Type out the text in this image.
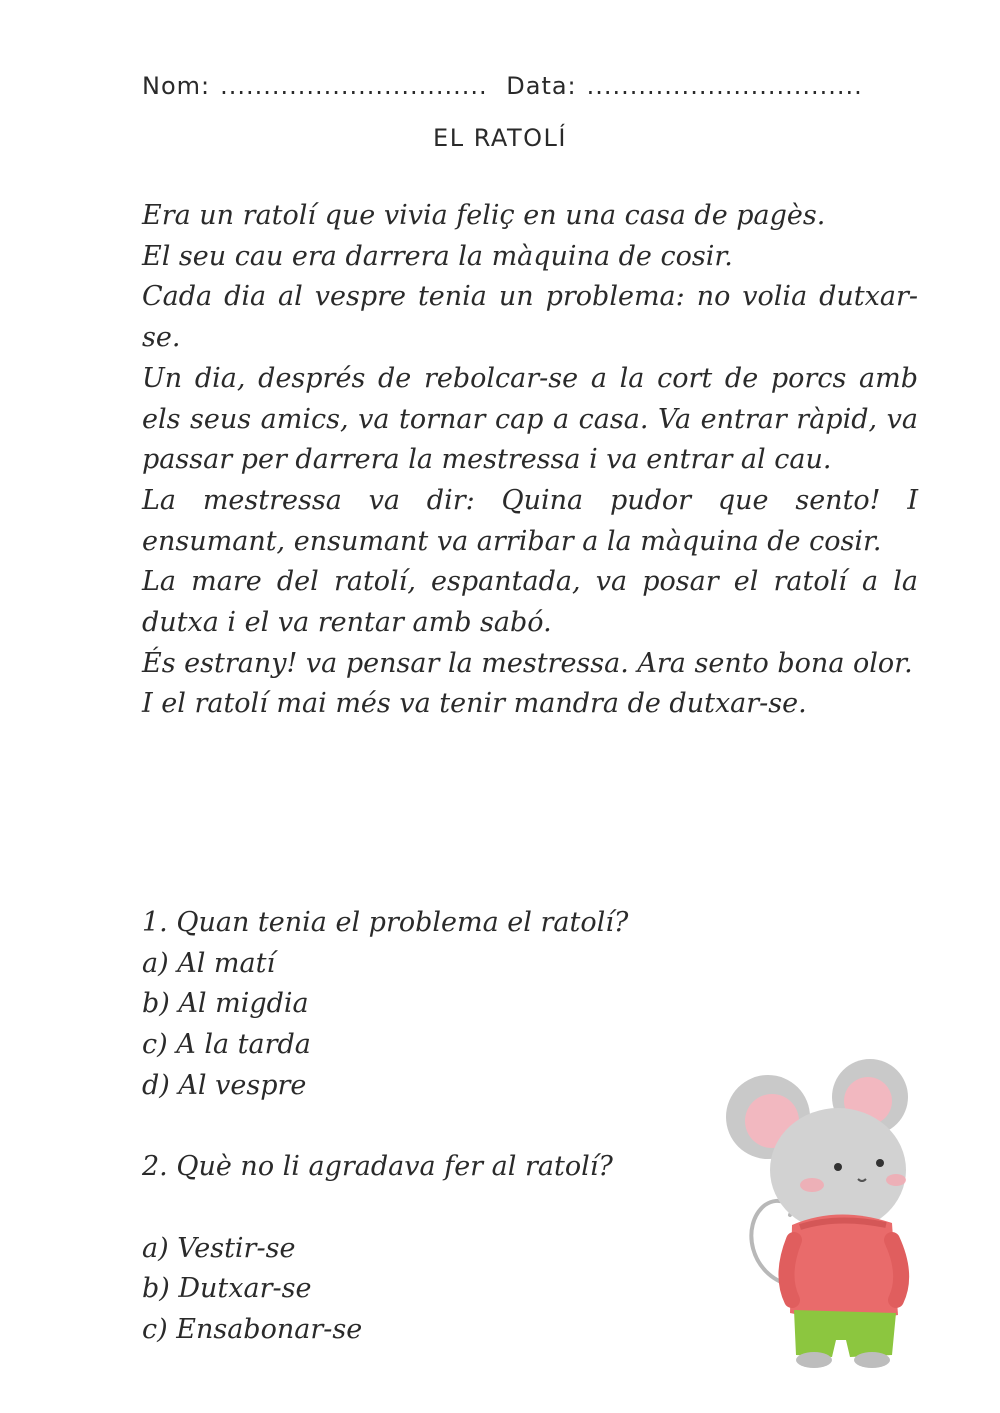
Nom: ............................... Data: ................................
EL RATOLÍ

Era un ratolí que vivia feliç en una casa de pagès.

El seu cau era darrera la màquina de cosir.

Cada dia al vespre tenia un problema: no volia dutxar-se.

Un dia, després de rebolcar-se a la cort de porcs amb els seus amics, va tornar cap a casa. Va entrar ràpid, va passar per darrera la mestressa i va entrar al cau.

La mestressa va dir: Quina pudor que sento! I ensumant, ensumant va arribar a la màquina de cosir.

La mare del ratolí, espantada, va posar el ratolí a la dutxa i el va rentar amb sabó.

És estrany! va pensar la mestressa. Ara sento bona olor.

I el ratolí mai més va tenir mandra de dutxar-se.

1. Quan tenia el problema el ratolí?

a) Al matí

b) Al migdia

c) A la tarda

d) Al vespre

2. Què no li agradava fer al ratolí?

a) Vestir-se

b) Dutxar-se

c) Ensabonar-se
